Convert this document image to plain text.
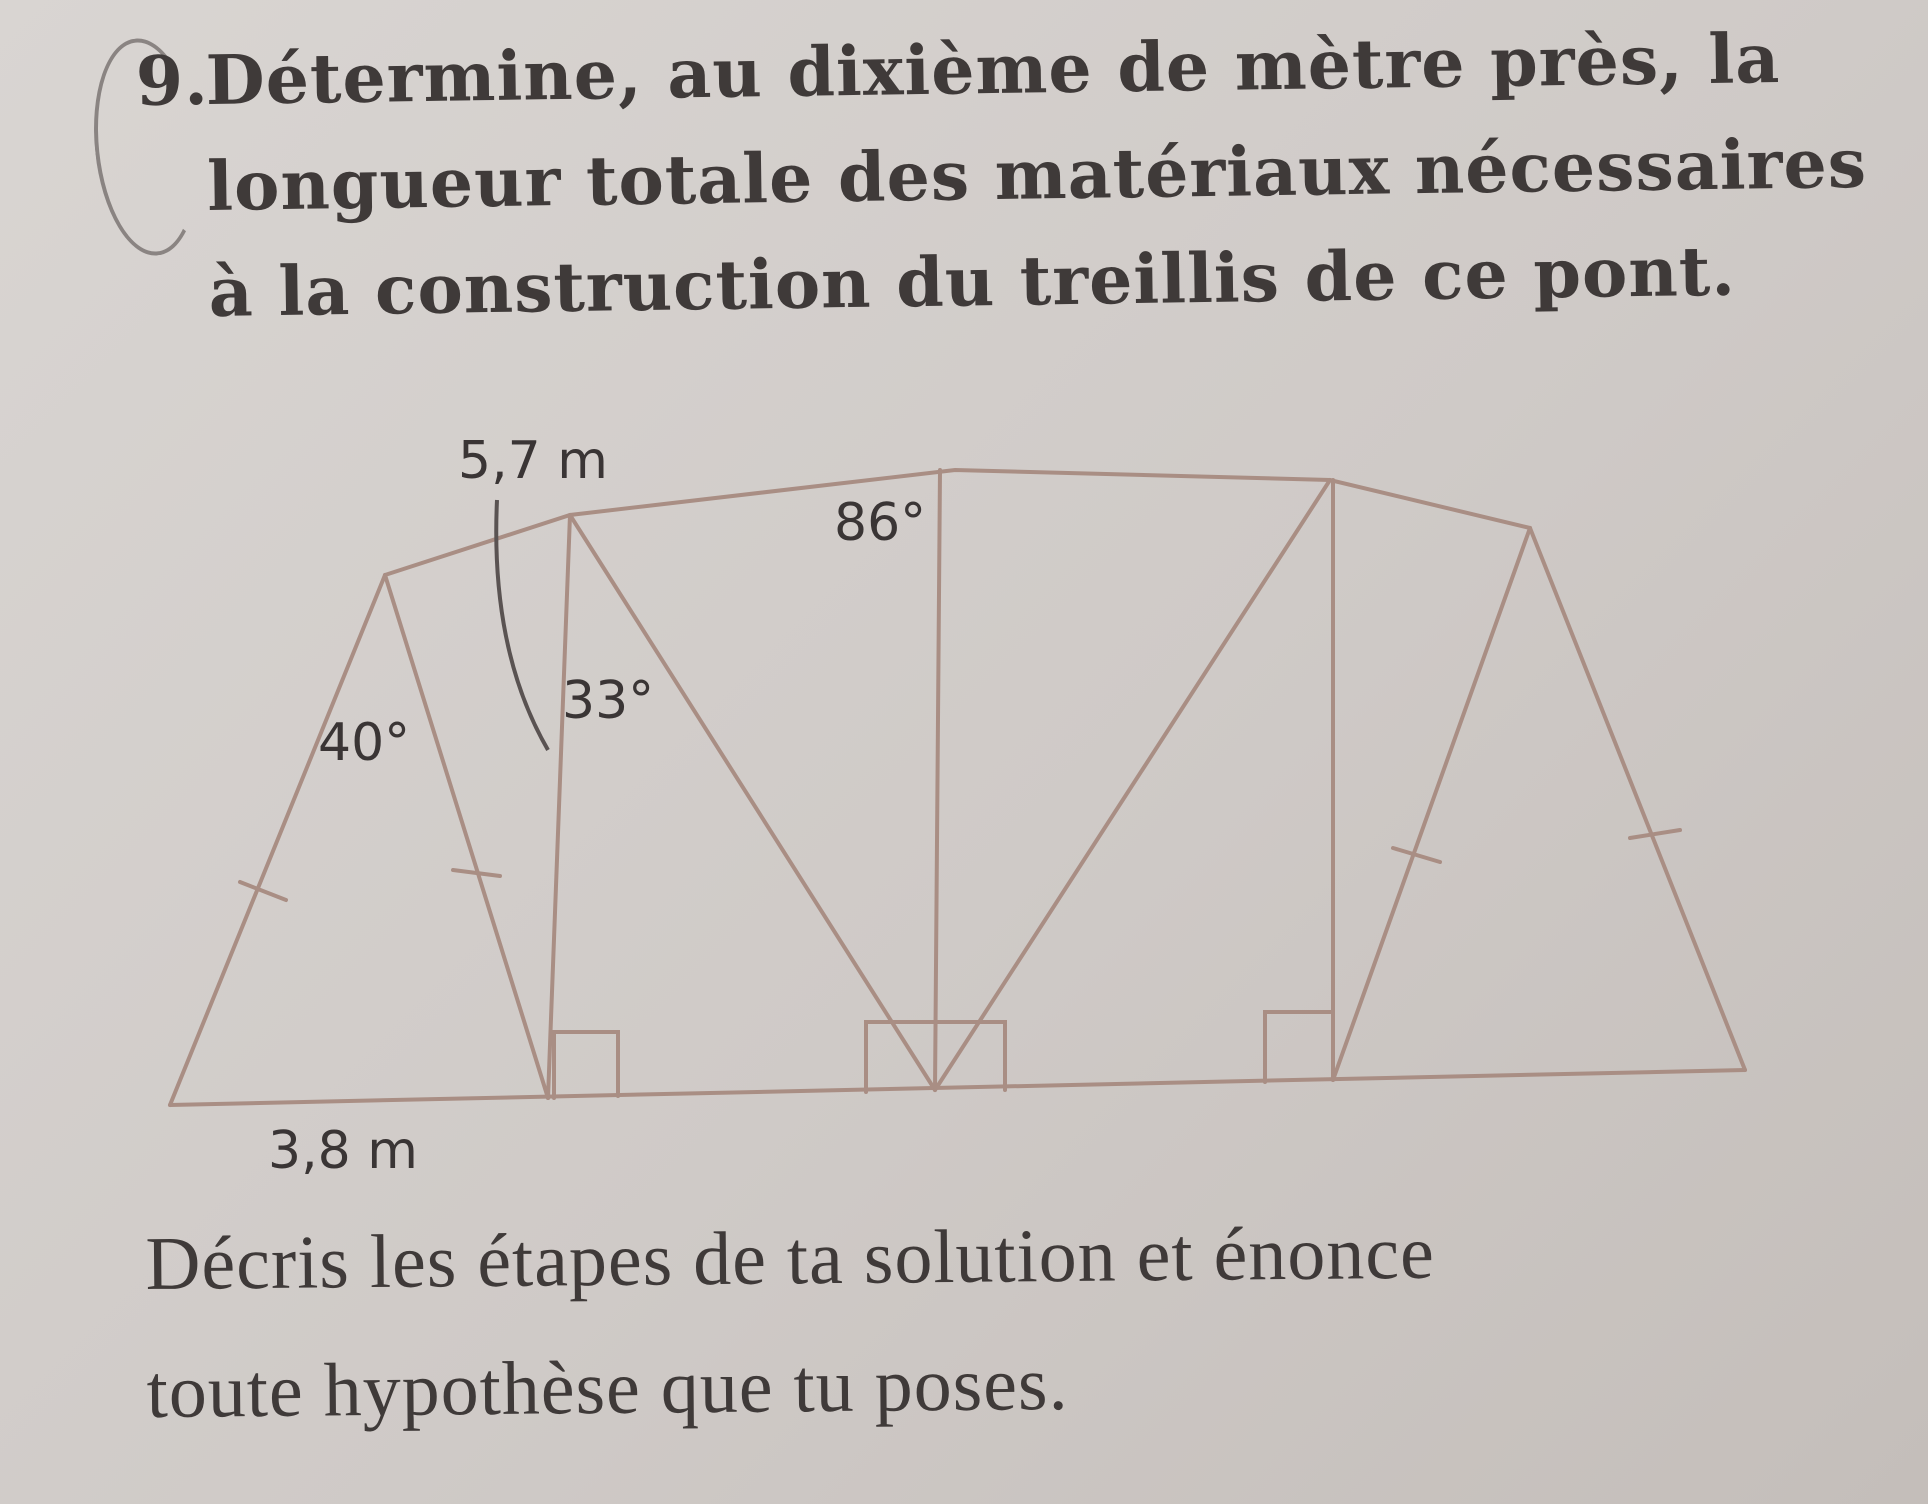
9.
Détermine, au dixième de mètre près, la
longueur totale des matériaux nécessaires
à la construction du treillis de ce pont.
5,7 m
3,8 m
40°
33°
86°
Décris les étapes de ta solution et énonce
toute hypothèse que tu poses.
